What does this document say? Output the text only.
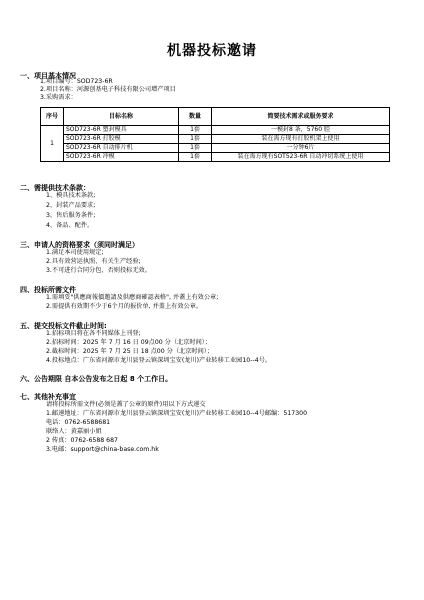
机器投标邀请
一、项目基本情况
1.项目编号：SOD723-6R
2.项目名称：河源创基电子科技有限公司增产项目
3.采购需求：
序号	目标名称	数量	简要技术需求或服务要求
1	SOD723-6R 塑封模具	1套	一模封8 条，5760 腔
	SOD723-6R 打胶模	1套	装在需方现有打胶机架上使用
	SOD723-6R 自动排片机	1套	一分钟6片
	SOD723-6R 冲模	1套	装在需方现有SOT523-6R 自动冲切系统上使用
二、需提供技术条款：
1、模具技术条款;
2、封装产品要求;
3、售后服务条件;
4、备品、配件。
三、申请人的资格要求（须同时满足）
1.满足本司使用规定;
2.具有效营运执照、有关生产经验;
3.不可进行合同分包、否则投标无效。
四、投标所需文件
1.需填妥"供應商報價邀請及供應商確認表格", 并蓋上有效公章;
2.需提供有效期不少于6个月的报价单, 并盖上有效公章。
五、提交投标文件截止时间:
1.招标项目将在各不同媒体上刊登;
2.招标时间：2025 年 7 月 16 日 09点00 分（北京时间）；
2.截标时间：2025 年 7 月 25 日 18 点00 分（北京时间）；
4.投标地点：广东省河源市龙川县登云镇深圳宝安(龙川)产业转移工业园10--4号。
六、公告期限 自本公告发布之日起 8 个工作日。
七、其他补充事宜
请将投标所需文件(必须是蓋了公章的原件)用以下方式递交
1.邮递地址：广东省河源市龙川县登云镇深圳宝安(龙川)产业转移工业园10--4号邮编：517300
电话：0762-6588681
联络人：黄嘉丽小姐
2 传真：0762-6588 687
3.电邮：support@china-base.com.hk
